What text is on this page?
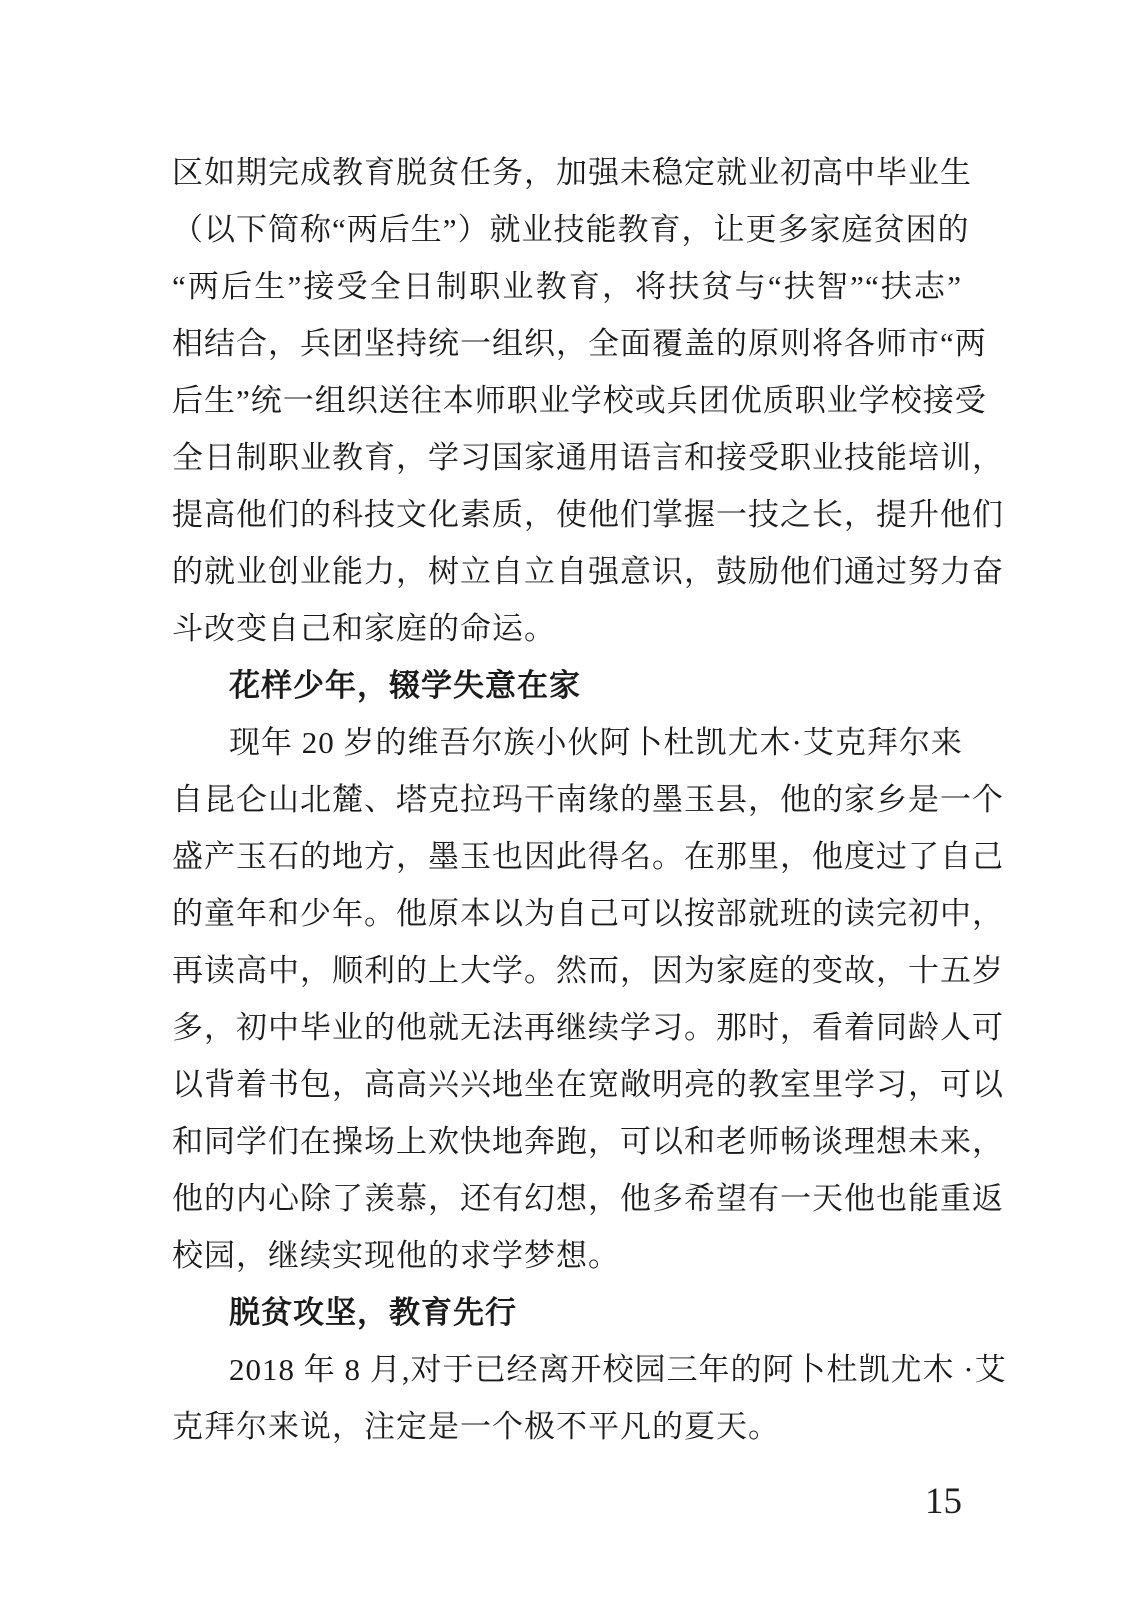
区如期完成教育脱贫任务，加强未稳定就业初高中毕业生
（以下简称“两后生”）就业技能教育，让更多家庭贫困的
“两后生”接受全日制职业教育，将扶贫与“扶智”“扶志”
相结合，兵团坚持统一组织，全面覆盖的原则将各师市“两
后生”统一组织送往本师职业学校或兵团优质职业学校接受
全日制职业教育，学习国家通用语言和接受职业技能培训，
提高他们的科技文化素质，使他们掌握一技之长，提升他们
的就业创业能力，树立自立自强意识，鼓励他们通过努力奋
斗改变自己和家庭的命运。
花样少年，辍学失意在家
现年 20 岁的维吾尔族小伙阿卜杜凯尤木·艾克拜尔来
自昆仑山北麓、塔克拉玛干南缘的墨玉县，他的家乡是一个
盛产玉石的地方，墨玉也因此得名。在那里，他度过了自己
的童年和少年。他原本以为自己可以按部就班的读完初中，
再读高中，顺利的上大学。然而，因为家庭的变故，十五岁
多，初中毕业的他就无法再继续学习。那时，看着同龄人可
以背着书包，高高兴兴地坐在宽敞明亮的教室里学习，可以
和同学们在操场上欢快地奔跑，可以和老师畅谈理想未来，
他的内心除了羡慕，还有幻想，他多希望有一天他也能重返
校园，继续实现他的求学梦想。
脱贫攻坚，教育先行
2018 年 8 月,对于已经离开校园三年的阿卜杜凯尤木 ·艾
克拜尔来说，注定是一个极不平凡的夏天。
15
